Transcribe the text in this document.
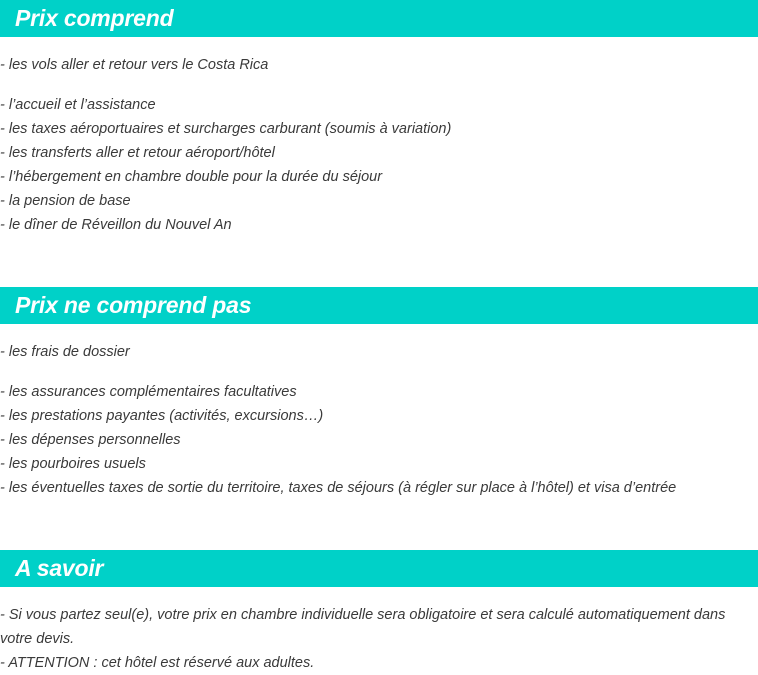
Prix comprend
- les vols aller et retour vers le Costa Rica
- l’accueil et l’assistance
- les taxes aéroportuaires et surcharges carburant (soumis à variation)
- les transferts aller et retour aéroport/hôtel
- l’hébergement en chambre double pour la durée du séjour
- la pension de base
- le dîner de Réveillon du Nouvel An
Prix ne comprend pas
- les frais de dossier
- les assurances complémentaires facultatives
- les prestations payantes (activités, excursions…)
- les dépenses personnelles
- les pourboires usuels
- les éventuelles taxes de sortie du territoire, taxes de séjours (à régler sur place à l’hôtel) et visa d’entrée
A savoir
- Si vous partez seul(e), votre prix en chambre individuelle sera obligatoire et sera calculé automatiquement dans votre devis.
- ATTENTION : cet hôtel est réservé aux adultes.
